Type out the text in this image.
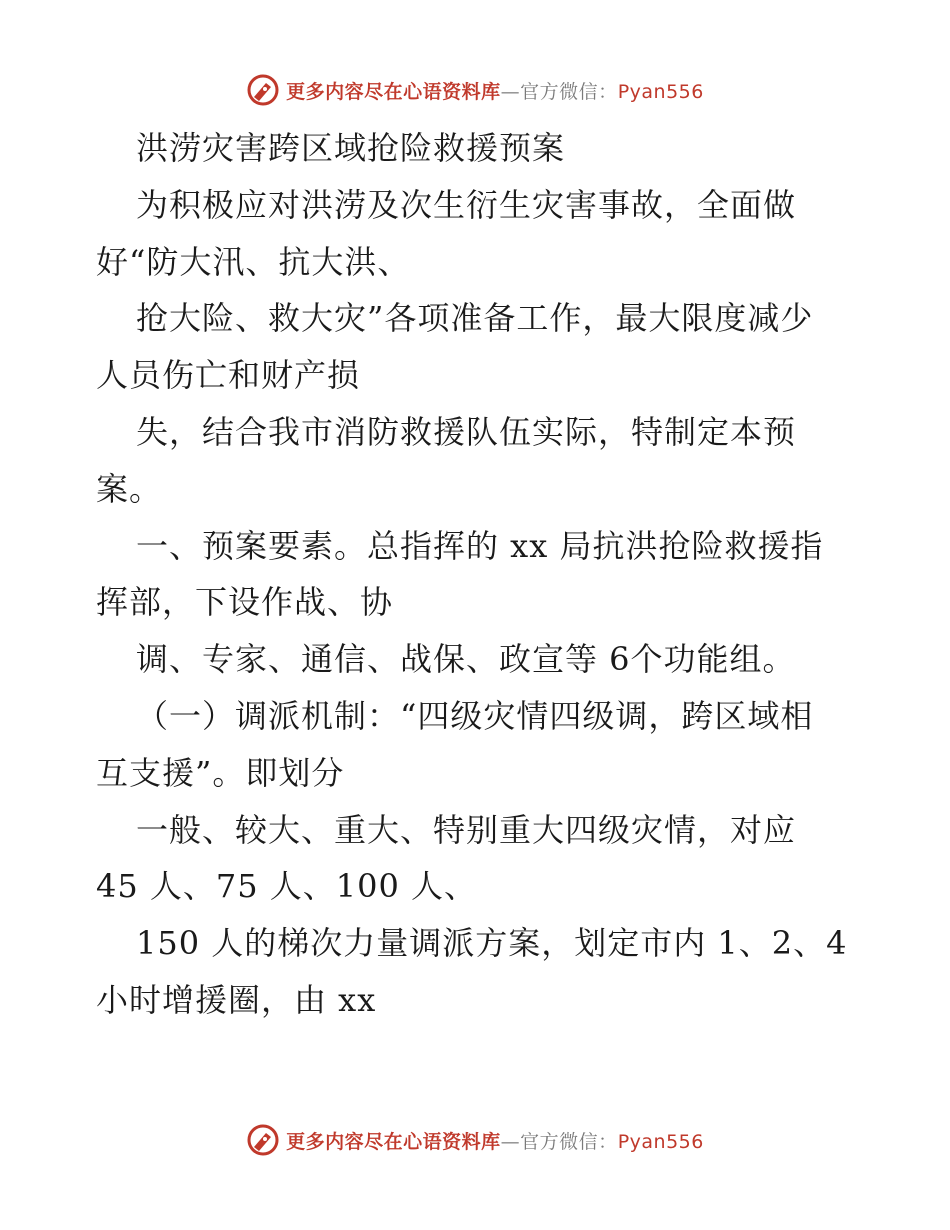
更多内容尽在心语资料库—官方微信：Pyan556
洪涝灾害跨区域抢险救援预案
为积极应对洪涝及次生衍生灾害事故，全面做
好“防大汛、抗大洪、
抢大险、救大灾”各项准备工作，最大限度减少
人员伤亡和财产损
失，结合我市消防救援队伍实际，特制定本预
案。
一、预案要素。总指挥的 xx 局抗洪抢险救援指
挥部，下设作战、协
调、专家、通信、战保、政宣等 6个功能组。
（一）调派机制：“四级灾情四级调，跨区域相
互支援”。即划分
一般、较大、重大、特别重大四级灾情，对应
45 人、75 人、100 人、
150 人的梯次力量调派方案，划定市内 1、2、4
小时增援圈，由 xx
更多内容尽在心语资料库—官方微信：Pyan556
